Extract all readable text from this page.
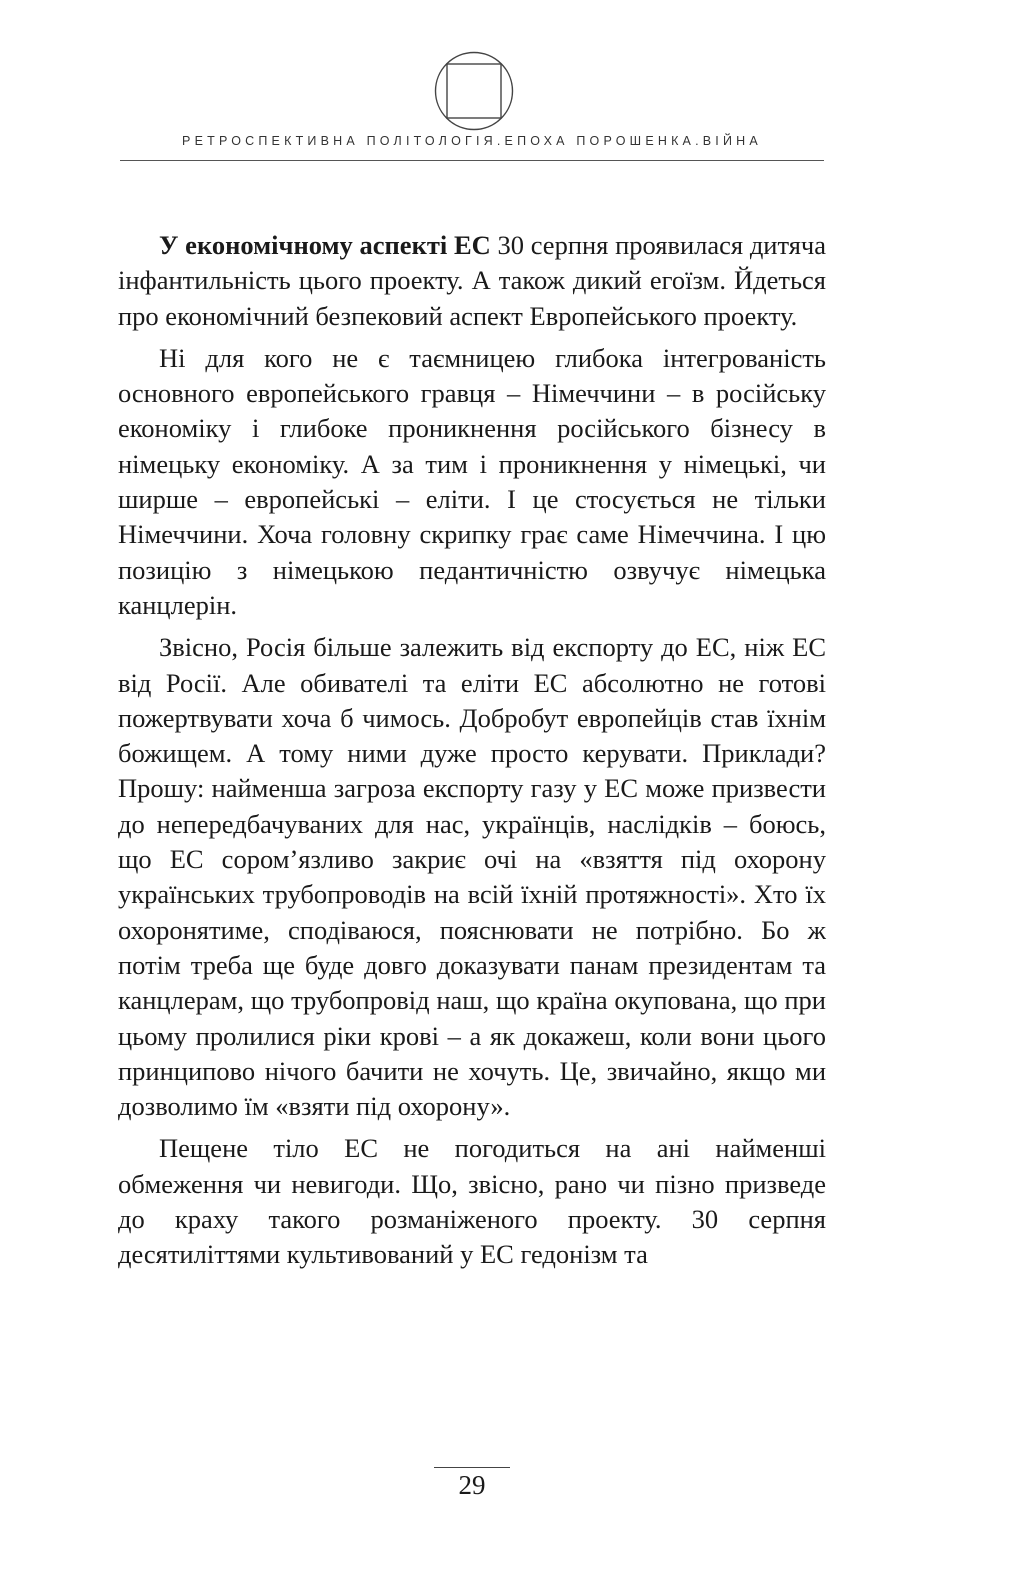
РЕТРОСПЕКТИВНА ПОЛІТОЛОГІЯ.ЕПОХА ПОРОШЕНКА.ВІЙНА

У економічному аспекті ЕС 30 серпня проявилася дитяча інфантильність цього проекту. А також дикий егоїзм. Йдеться про економічний безпековий аспект Европейського проекту.

Ні для кого не є таємницею глибока інтегрованість основного европейського гравця – Німеччини – в російську економіку і глибоке проникнення російського бізнесу в німецьку економіку. А за тим і проникнення у німецькі, чи ширше – европейські – еліти. І це стосується не тільки Німеччини. Хоча головну скрипку грає саме Німеччина. І цю позицію з німецькою педантичністю озвучує німецька канцлерін.

Звісно, Росія більше залежить від експорту до ЕС, ніж ЕС від Росії. Але обивателі та еліти ЕС абсолютно не готові пожертвувати хоча б чимось. Добробут европейців став їхнім божищем. А тому ними дуже просто керувати. Приклади? Прошу: найменша загроза експорту газу у ЕС може призвести до непередбачуваних для нас, українців, наслідків – боюсь, що ЕС сором’язливо закриє очі на «взяття під охорону українських трубопроводів на всій їхній протяжності». Хто їх охоронятиме, сподіваюся, пояснювати не потрібно. Бо ж потім треба ще буде довго доказувати панам президентам та канцлерам, що трубопровід наш, що країна окупована, що при цьому пролилися ріки крові – а як докажеш, коли вони цього принципово нічого бачити не хочуть. Це, звичайно, якщо ми дозволимо їм «взяти під охорону».

Пещене тіло ЕС не погодиться на ані найменші обмеження чи невигоди. Що, звісно, рано чи пізно призведе до краху такого розманіженого проекту. 30 серпня десятиліттями культивований у ЕС гедонізм та

29
